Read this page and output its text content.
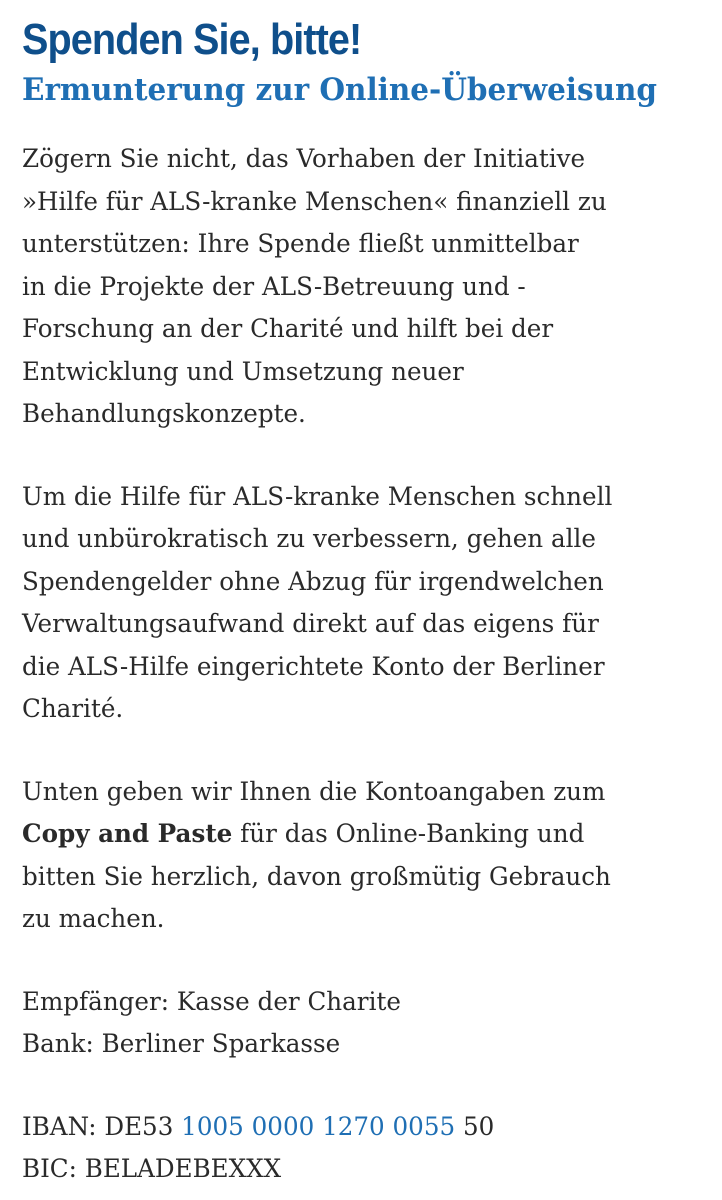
Spenden Sie, bitte!
Ermunterung zur Online-Überweisung

Zögern Sie nicht, das Vorhaben der Initiative
»Hilfe für ALS-kranke Menschen« finanziell zu
unterstützen: Ihre Spende fließt unmittelbar
in die Projekte der ALS-Betreuung und -
Forschung an der Charité und hilft bei der
Entwicklung und Umsetzung neuer
Behandlungskonzepte.

Um die Hilfe für ALS-kranke Menschen schnell
und unbürokratisch zu verbessern, gehen alle
Spendengelder ohne Abzug für irgendwelchen
Verwaltungsaufwand direkt auf das eigens für
die ALS-Hilfe eingerichtete Konto der Berliner
Charité.

Unten geben wir Ihnen die Kontoangaben zum
Copy and Paste für das Online-Banking und
bitten Sie herzlich, davon großmütig Gebrauch
zu machen.

Empfänger: Kasse der Charite
Bank: Berliner Sparkasse

IBAN: DE53 1005 0000 1270 0055 50
BIC: BELADEBEXXX
